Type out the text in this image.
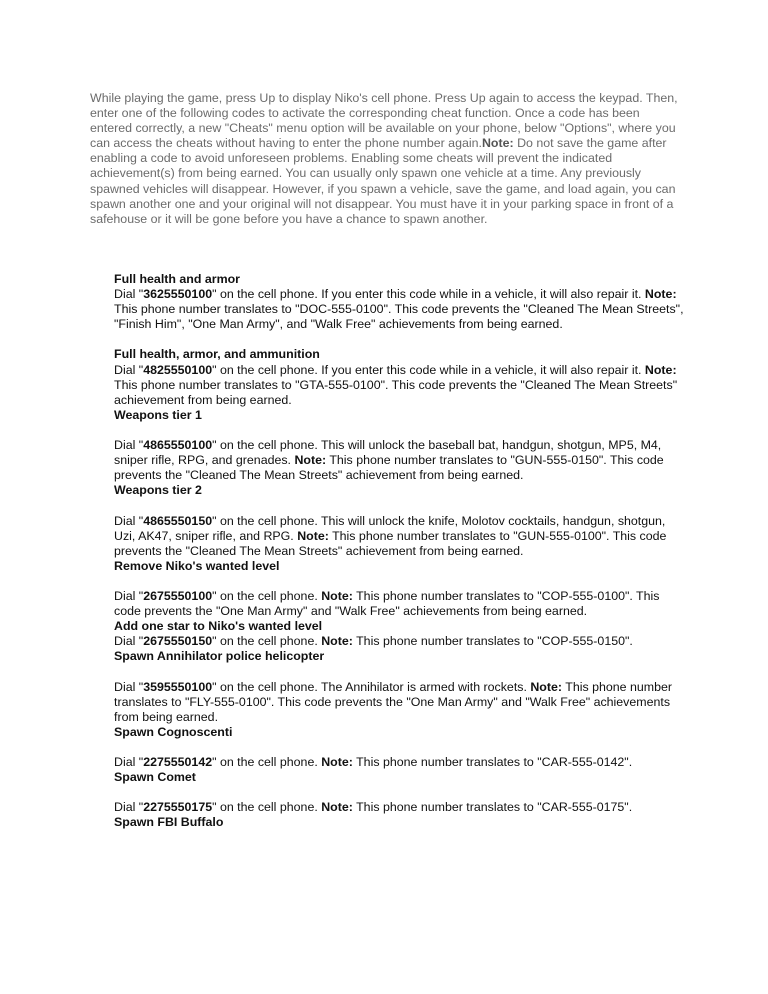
While playing the game, press Up to display Niko's cell phone. Press Up again to access the keypad. Then, enter one of the following codes to activate the corresponding cheat function. Once a code has been entered correctly, a new "Cheats" menu option will be available on your phone, below "Options", where you can access the cheats without having to enter the phone number again.Note: Do not save the game after enabling a code to avoid unforeseen problems. Enabling some cheats will prevent the indicated achievement(s) from being earned. You can usually only spawn one vehicle at a time. Any previously spawned vehicles will disappear. However, if you spawn a vehicle, save the game, and load again, you can spawn another one and your original will not disappear. You must have it in your parking space in front of a safehouse or it will be gone before you have a chance to spawn another.
Full health and armor
Dial "3625550100" on the cell phone. If you enter this code while in a vehicle, it will also repair it. Note: This phone number translates to "DOC-555-0100". This code prevents the "Cleaned The Mean Streets", "Finish Him", "One Man Army", and "Walk Free" achievements from being earned.
Full health, armor, and ammunition
Dial "4825550100" on the cell phone. If you enter this code while in a vehicle, it will also repair it. Note: This phone number translates to "GTA-555-0100". This code prevents the "Cleaned The Mean Streets" achievement from being earned.
Weapons tier 1
Dial "4865550100" on the cell phone. This will unlock the baseball bat, handgun, shotgun, MP5, M4, sniper rifle, RPG, and grenades. Note: This phone number translates to "GUN-555-0150". This code prevents the "Cleaned The Mean Streets" achievement from being earned.
Weapons tier 2
Dial "4865550150" on the cell phone. This will unlock the knife, Molotov cocktails, handgun, shotgun, Uzi, AK47, sniper rifle, and RPG. Note: This phone number translates to "GUN-555-0100". This code prevents the "Cleaned The Mean Streets" achievement from being earned.
Remove Niko's wanted level
Dial "2675550100" on the cell phone. Note: This phone number translates to "COP-555-0100". This code prevents the "One Man Army" and "Walk Free" achievements from being earned.
Add one star to Niko's wanted level
Dial "2675550150" on the cell phone. Note: This phone number translates to "COP-555-0150".
Spawn Annihilator police helicopter
Dial "3595550100" on the cell phone. The Annihilator is armed with rockets. Note: This phone number translates to "FLY-555-0100". This code prevents the "One Man Army" and "Walk Free" achievements from being earned.
Spawn Cognoscenti
Dial "2275550142" on the cell phone. Note: This phone number translates to "CAR-555-0142".
Spawn Comet
Dial "2275550175" on the cell phone. Note: This phone number translates to "CAR-555-0175".
Spawn FBI Buffalo
